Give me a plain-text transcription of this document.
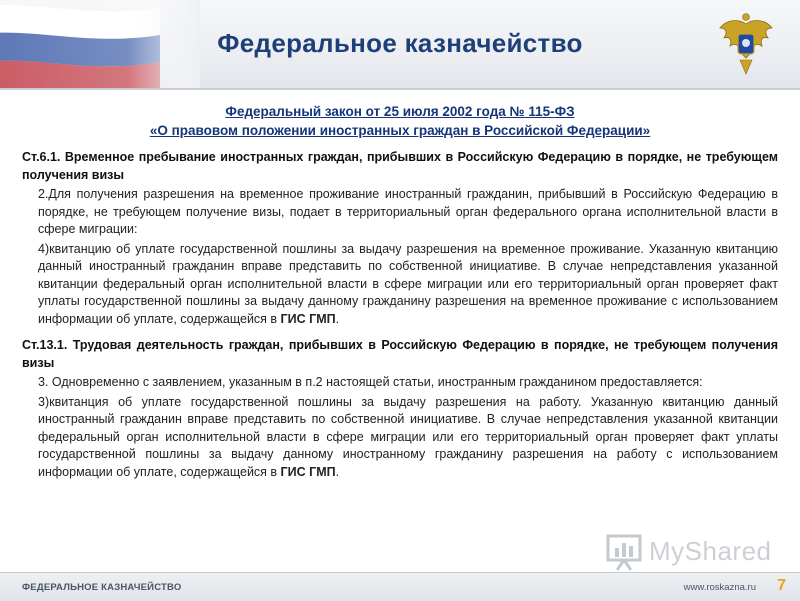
Федеральное казначейство
Федеральный закон от 25 июля 2002 года № 115-ФЗ
«О правовом положении иностранных граждан в Российской Федерации»
Ст.6.1. Временное пребывание иностранных граждан, прибывших в Российскую Федерацию в порядке, не требующем получения визы

2.Для получения разрешения на временное проживание иностранный гражданин, прибывший в Российскую Федерацию в порядке, не требующем получение визы, подает в территориальный орган федерального органа исполнительной власти в сфере миграции:

4)квитанцию об уплате государственной пошлины за выдачу разрешения на временное проживание. Указанную квитанцию данный иностранный гражданин вправе представить по собственной инициативе. В случае непредставления указанной квитанции федеральный орган исполнительной власти в сфере миграции или его территориальный орган проверяет факт уплаты государственной пошлины за выдачу данному гражданину разрешения на временное проживание с использованием информации об уплате, содержащейся в ГИС ГМП.

Ст.13.1. Трудовая деятельность граждан, прибывших в Российскую Федерацию в порядке, не требующем получения визы

3. Одновременно с заявлением, указанным в п.2 настоящей статьи, иностранным гражданином предоставляется:

3)квитанция об уплате государственной пошлины за выдачу разрешения на работу. Указанную квитанцию данный иностранный гражданин вправе представить по собственной инициативе. В случае непредставления указанной квитанции федеральный орган исполнительной власти в сфере миграции или его территориальный орган проверяет факт уплаты государственной пошлины за выдачу данному иностранному гражданину разрешения на работу с использованием информации об уплате, содержащейся в ГИС ГМП.

MyShared
ФЕДЕРАЛЬНОЕ КАЗНАЧЕЙСТВО	www.roskazna.ru 7
